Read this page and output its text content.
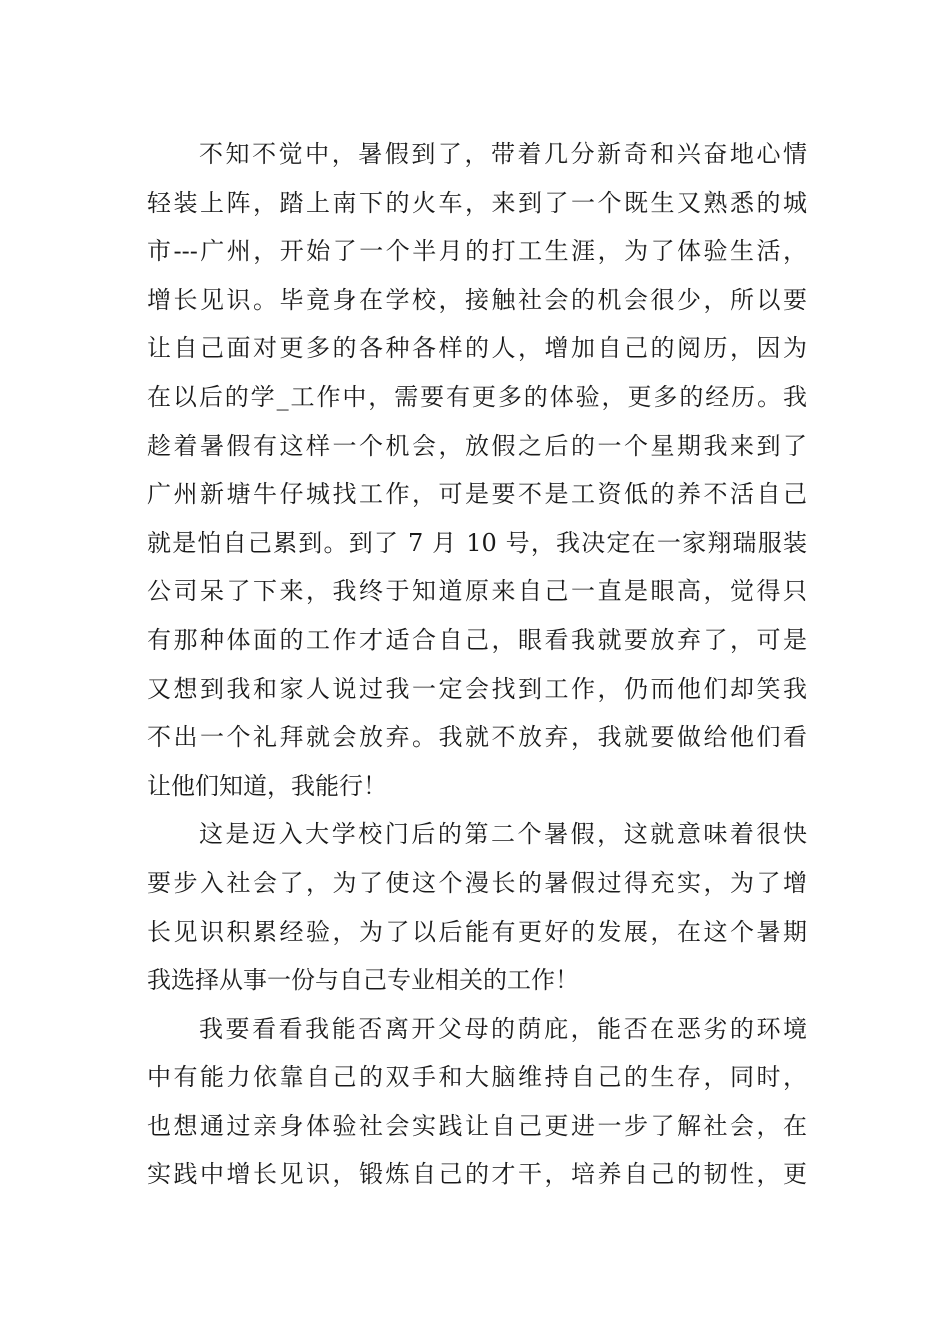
不知不觉中，暑假到了，带着几分新奇和兴奋地心情
轻装上阵，踏上南下的火车，来到了一个既生又熟悉的城
市---广州，开始了一个半月的打工生涯，为了体验生活，
增长见识。毕竟身在学校，接触社会的机会很少，所以要
让自己面对更多的各种各样的人，增加自己的阅历，因为
在以后的学_工作中，需要有更多的体验，更多的经历。我
趁着暑假有这样一个机会，放假之后的一个星期我来到了
广州新塘牛仔城找工作，可是要不是工资低的养不活自己
就是怕自己累到。到了 7 月 10 号，我决定在一家翔瑞服装
公司呆了下来，我终于知道原来自己一直是眼高，觉得只
有那种体面的工作才适合自己，眼看我就要放弃了，可是
又想到我和家人说过我一定会找到工作，仍而他们却笑我
不出一个礼拜就会放弃。我就不放弃，我就要做给他们看
让他们知道，我能行！
这是迈入大学校门后的第二个暑假，这就意味着很快
要步入社会了，为了使这个漫长的暑假过得充实，为了增
长见识积累经验，为了以后能有更好的发展，在这个暑期
我选择从事一份与自己专业相关的工作！
我要看看我能否离开父母的荫庇，能否在恶劣的环境
中有能力依靠自己的双手和大脑维持自己的生存，同时，
也想通过亲身体验社会实践让自己更进一步了解社会，在
实践中增长见识，锻炼自己的才干，培养自己的韧性，更
